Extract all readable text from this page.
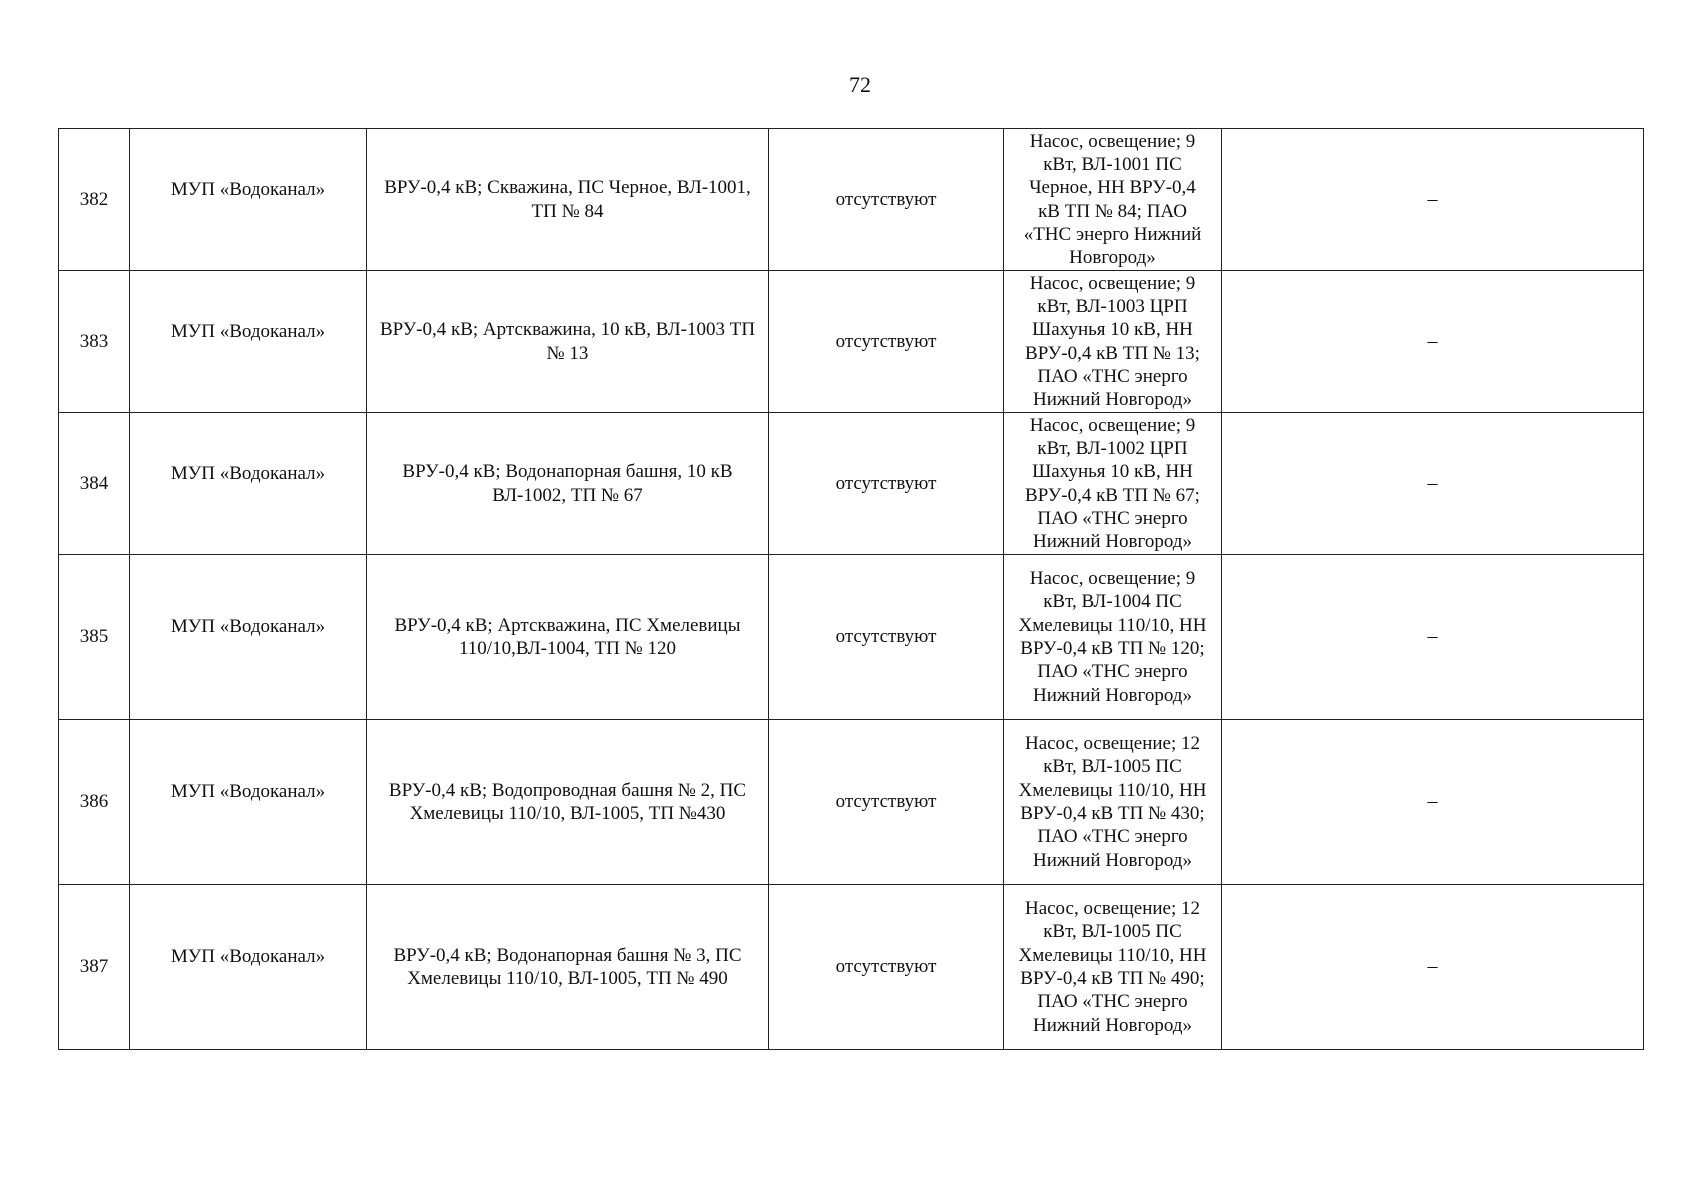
72
382	МУП «Водоканал»	ВРУ-0,4 кВ; Скважина, ПС Черное, ВЛ-1001, ТП № 84	отсутствуют	Насос, освещение; 9 кВт, ВЛ-1001 ПС Черное, НН ВРУ-0,4 кВ ТП № 84; ПАО «ТНС энерго Нижний Новгород»	–
383	МУП «Водоканал»	ВРУ-0,4 кВ; Артскважина, 10 кВ, ВЛ-1003 ТП № 13	отсутствуют	Насос, освещение; 9 кВт, ВЛ-1003 ЦРП Шахунья 10 кВ, НН ВРУ-0,4 кВ ТП № 13; ПАО «ТНС энерго Нижний Новгород»	–
384	МУП «Водоканал»	ВРУ-0,4 кВ; Водонапорная башня, 10 кВ ВЛ-1002, ТП № 67	отсутствуют	Насос, освещение; 9 кВт, ВЛ-1002 ЦРП Шахунья 10 кВ, НН ВРУ-0,4 кВ ТП № 67; ПАО «ТНС энерго Нижний Новгород»	–
385	МУП «Водоканал»	ВРУ-0,4 кВ; Артскважина, ПС Хмелевицы 110/10,ВЛ-1004, ТП № 120	отсутствуют	Насос, освещение; 9 кВт, ВЛ-1004 ПС Хмелевицы 110/10, НН ВРУ-0,4 кВ ТП № 120; ПАО «ТНС энерго Нижний Новгород»	–
386	МУП «Водоканал»	ВРУ-0,4 кВ; Водопроводная башня № 2, ПС Хмелевицы 110/10, ВЛ-1005, ТП №430	отсутствуют	Насос, освещение; 12 кВт, ВЛ-1005 ПС Хмелевицы 110/10, НН ВРУ-0,4 кВ ТП № 430; ПАО «ТНС энерго Нижний Новгород»	–
387	МУП «Водоканал»	ВРУ-0,4 кВ; Водонапорная башня № 3, ПС Хмелевицы 110/10, ВЛ-1005, ТП № 490	отсутствуют	Насос, освещение; 12 кВт, ВЛ-1005 ПС Хмелевицы 110/10, НН ВРУ-0,4 кВ ТП № 490; ПАО «ТНС энерго Нижний Новгород»	–
